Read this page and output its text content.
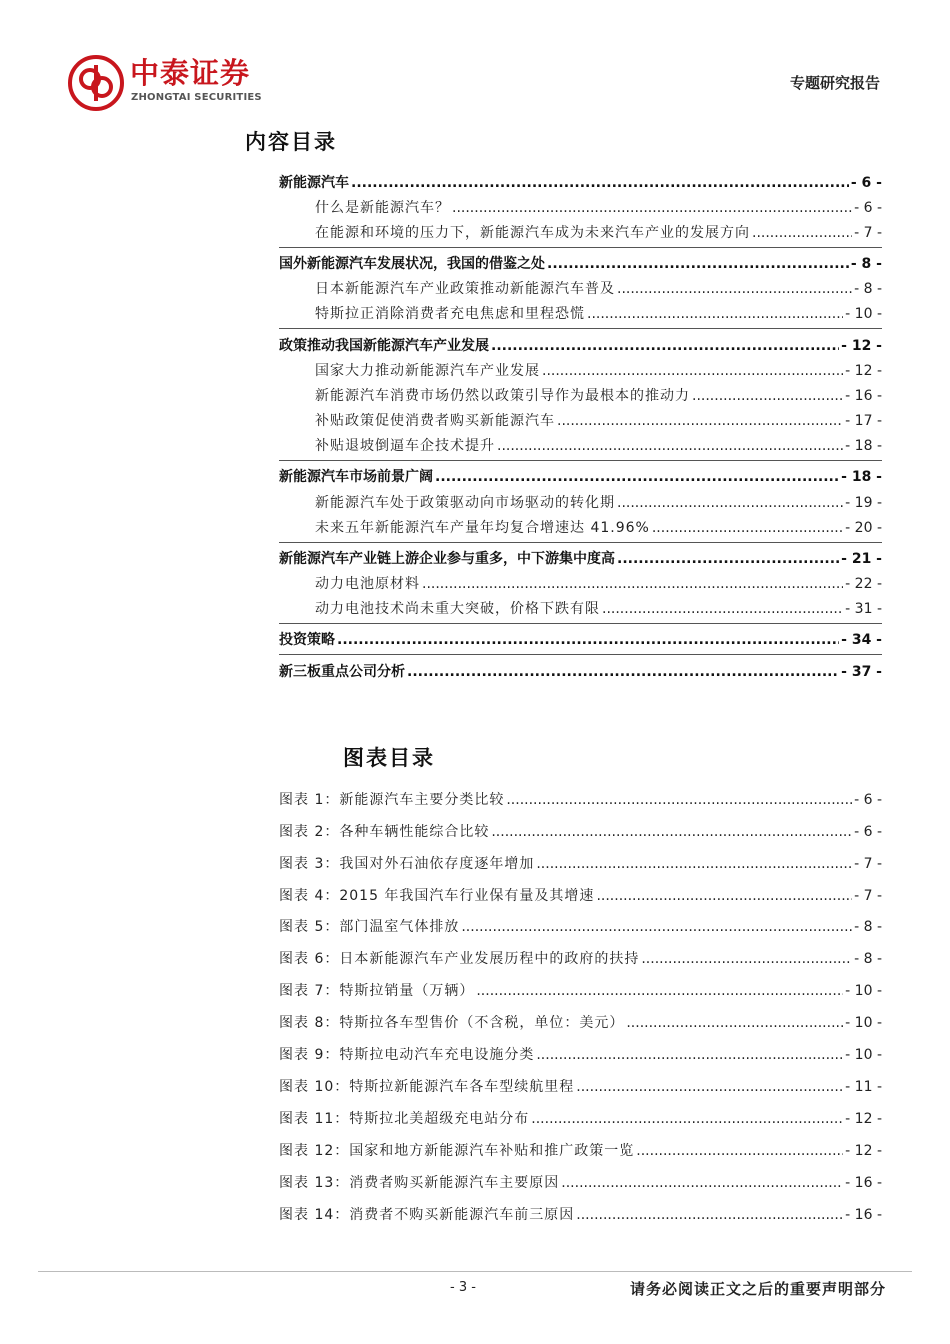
中泰证券
ZHONGTAI SECURITIES
专题研究报告
内容目录
新能源汽车 .....	- 6 -
什么是新能源汽车？ .....	- 6 -
在能源和环境的压力下，新能源汽车成为未来汽车产业的发展方向 .....	- 7 -
国外新能源汽车发展状况，我国的借鉴之处 .....	- 8 -
日本新能源汽车产业政策推动新能源汽车普及 .....	- 8 -
特斯拉正消除消费者充电焦虑和里程恐慌 .....	- 10 -
政策推动我国新能源汽车产业发展 .....	- 12 -
国家大力推动新能源汽车产业发展 .....	- 12 -
新能源汽车消费市场仍然以政策引导作为最根本的推动力 .....	- 16 -
补贴政策促使消费者购买新能源汽车 .....	- 17 -
补贴退坡倒逼车企技术提升 .....	- 18 -
新能源汽车市场前景广阔 .....	- 18 -
新能源汽车处于政策驱动向市场驱动的转化期 .....	- 19 -
未来五年新能源汽车产量年均复合增速达 41.96% .....	- 20 -
新能源汽车产业链上游企业参与重多，中下游集中度高 .....	- 21 -
动力电池原材料 .....	- 22 -
动力电池技术尚未重大突破，价格下跌有限 .....	- 31 -
投资策略 .....	- 34 -
新三板重点公司分析 .....	- 37 -
图表目录
图表 1：新能源汽车主要分类比较 .....	- 6 -
图表 2：各种车辆性能综合比较 .....	- 6 -
图表 3：我国对外石油依存度逐年增加 .....	- 7 -
图表 4：2015 年我国汽车行业保有量及其增速 .....	- 7 -
图表 5：部门温室气体排放 .....	- 8 -
图表 6：日本新能源汽车产业发展历程中的政府的扶持 .....	- 8 -
图表 7：特斯拉销量（万辆） .....	- 10 -
图表 8：特斯拉各车型售价（不含税，单位：美元） .....	- 10 -
图表 9：特斯拉电动汽车充电设施分类 .....	- 10 -
图表 10：特斯拉新能源汽车各车型续航里程 .....	- 11 -
图表 11：特斯拉北美超级充电站分布 .....	- 12 -
图表 12：国家和地方新能源汽车补贴和推广政策一览 .....	- 12 -
图表 13：消费者购买新能源汽车主要原因 .....	- 16 -
图表 14：消费者不购买新能源汽车前三原因 .....	- 16 -
- 3 -	请务必阅读正文之后的重要声明部分
